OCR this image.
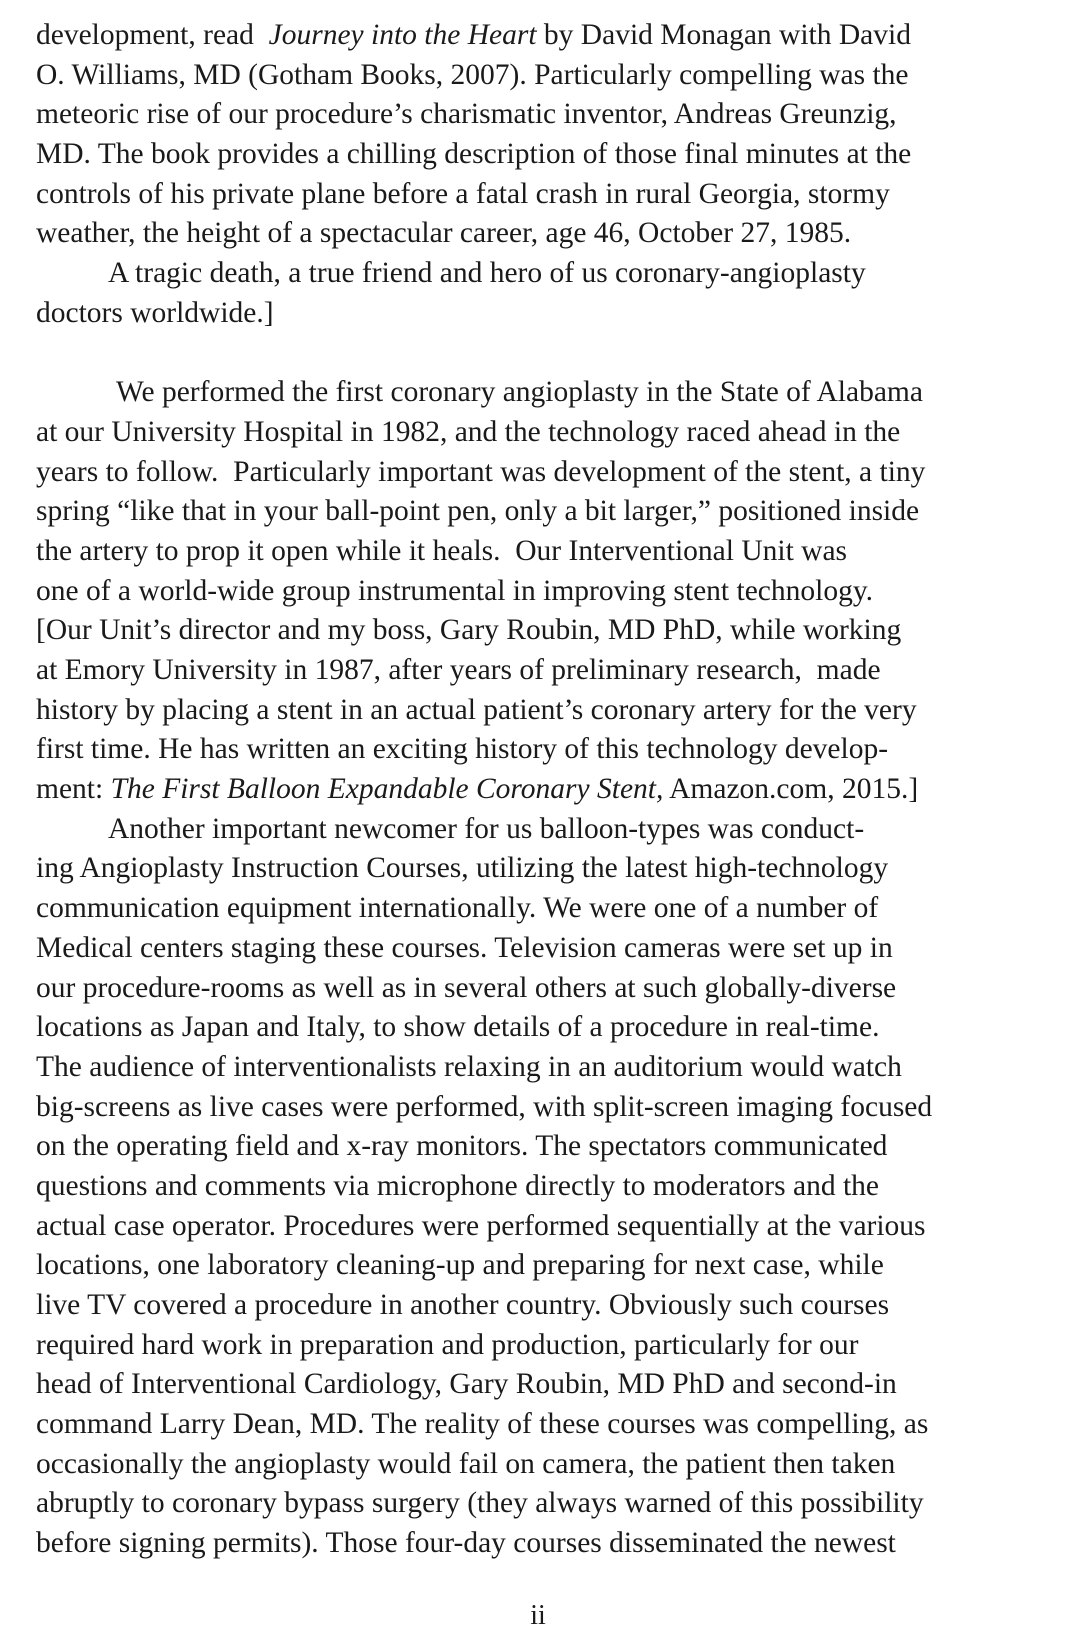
development, read  Journey into the Heart by David Monagan with David
O. Williams, MD (Gotham Books, 2007). Particularly compelling was the
meteoric rise of our procedure’s charismatic inventor, Andreas Greunzig,
MD. The book provides a chilling description of those final minutes at the
controls of his private plane before a fatal crash in rural Georgia, stormy
weather, the height of a spectacular career, age 46, October 27, 1985.
A tragic death, a true friend and hero of us coronary-angioplasty
doctors worldwide.]
We performed the first coronary angioplasty in the State of Alabama
at our University Hospital in 1982, and the technology raced ahead in the
years to follow.  Particularly important was development of the stent, a tiny
spring “like that in your ball-point pen, only a bit larger,” positioned inside
the artery to prop it open while it heals.  Our Interventional Unit was
one of a world-wide group instrumental in improving stent technology.
[Our Unit’s director and my boss, Gary Roubin, MD PhD, while working
at Emory University in 1987, after years of preliminary research,  made
history by placing a stent in an actual patient’s coronary artery for the very
first time. He has written an exciting history of this technology develop-
ment: The First Balloon Expandable Coronary Stent, Amazon.com, 2015.]
Another important newcomer for us balloon-types was conduct-
ing Angioplasty Instruction Courses, utilizing the latest high-technology
communication equipment internationally. We were one of a number of
Medical centers staging these courses. Television cameras were set up in
our procedure-rooms as well as in several others at such globally-diverse
locations as Japan and Italy, to show details of a procedure in real-time.
The audience of interventionalists relaxing in an auditorium would watch
big-screens as live cases were performed, with split-screen imaging focused
on the operating field and x-ray monitors. The spectators communicated
questions and comments via microphone directly to moderators and the
actual case operator. Procedures were performed sequentially at the various
locations, one laboratory cleaning-up and preparing for next case, while
live TV covered a procedure in another country. Obviously such courses
required hard work in preparation and production, particularly for our
head of Interventional Cardiology, Gary Roubin, MD PhD and second-in
command Larry Dean, MD. The reality of these courses was compelling, as
occasionally the angioplasty would fail on camera, the patient then taken
abruptly to coronary bypass surgery (they always warned of this possibility
before signing permits). Those four-day courses disseminated the newest
ii
